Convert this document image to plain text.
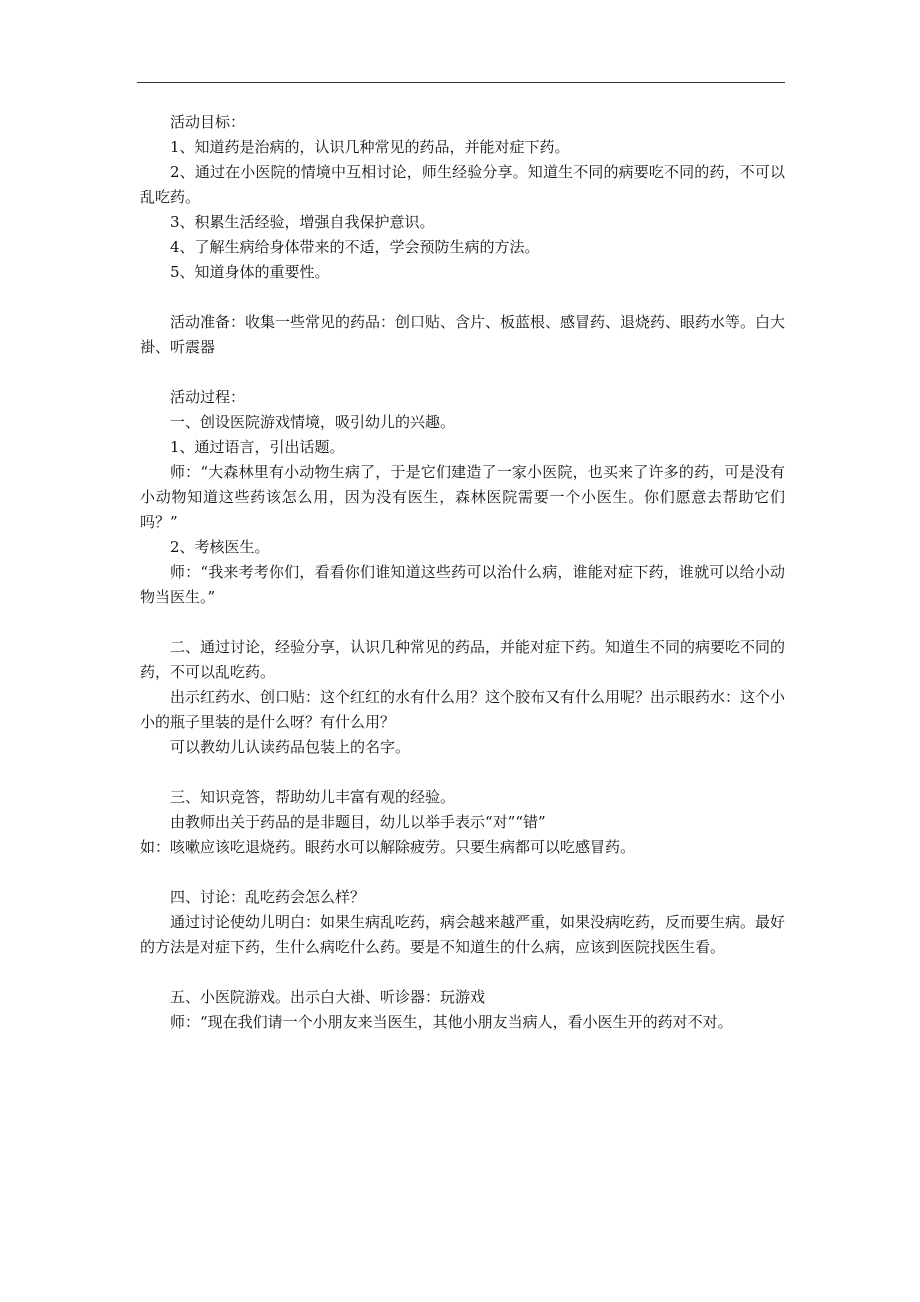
活动目标：

1、知道药是治病的，认识几种常见的药品，并能对症下药。

2、通过在小医院的情境中互相讨论，师生经验分享。知道生不同的病要吃不同的药，不可以乱吃药。

3、积累生活经验，增强自我保护意识。

4、了解生病给身体带来的不适，学会预防生病的方法。

5、知道身体的重要性。

活动准备：收集一些常见的药品：创口贴、含片、板蓝根、感冒药、退烧药、眼药水等。白大褂、听震器

活动过程：

一、创设医院游戏情境，吸引幼儿的兴趣。

1、通过语言，引出话题。

师：“大森林里有小动物生病了，于是它们建造了一家小医院，也买来了许多的药，可是没有小动物知道这些药该怎么用，因为没有医生，森林医院需要一个小医生。你们愿意去帮助它们吗？”

2、考核医生。

师：“我来考考你们，看看你们谁知道这些药可以治什么病，谁能对症下药，谁就可以给小动物当医生。”

二、通过讨论，经验分享，认识几种常见的药品，并能对症下药。知道生不同的病要吃不同的药，不可以乱吃药。

出示红药水、创口贴：这个红红的水有什么用？这个胶布又有什么用呢？出示眼药水：这个小小的瓶子里装的是什么呀？有什么用？

可以教幼儿认读药品包装上的名字。

三、知识竞答，帮助幼儿丰富有观的经验。

由教师出关于药品的是非题目，幼儿以举手表示“对”“错”

如：咳嗽应该吃退烧药。眼药水可以解除疲劳。只要生病都可以吃感冒药。

四、讨论：乱吃药会怎么样？

通过讨论使幼儿明白：如果生病乱吃药，病会越来越严重，如果没病吃药，反而要生病。最好的方法是对症下药，生什么病吃什么药。要是不知道生的什么病，应该到医院找医生看。

五、小医院游戏。出示白大褂、听诊器：玩游戏

师：“现在我们请一个小朋友来当医生，其他小朋友当病人，看小医生开的药对不对。
